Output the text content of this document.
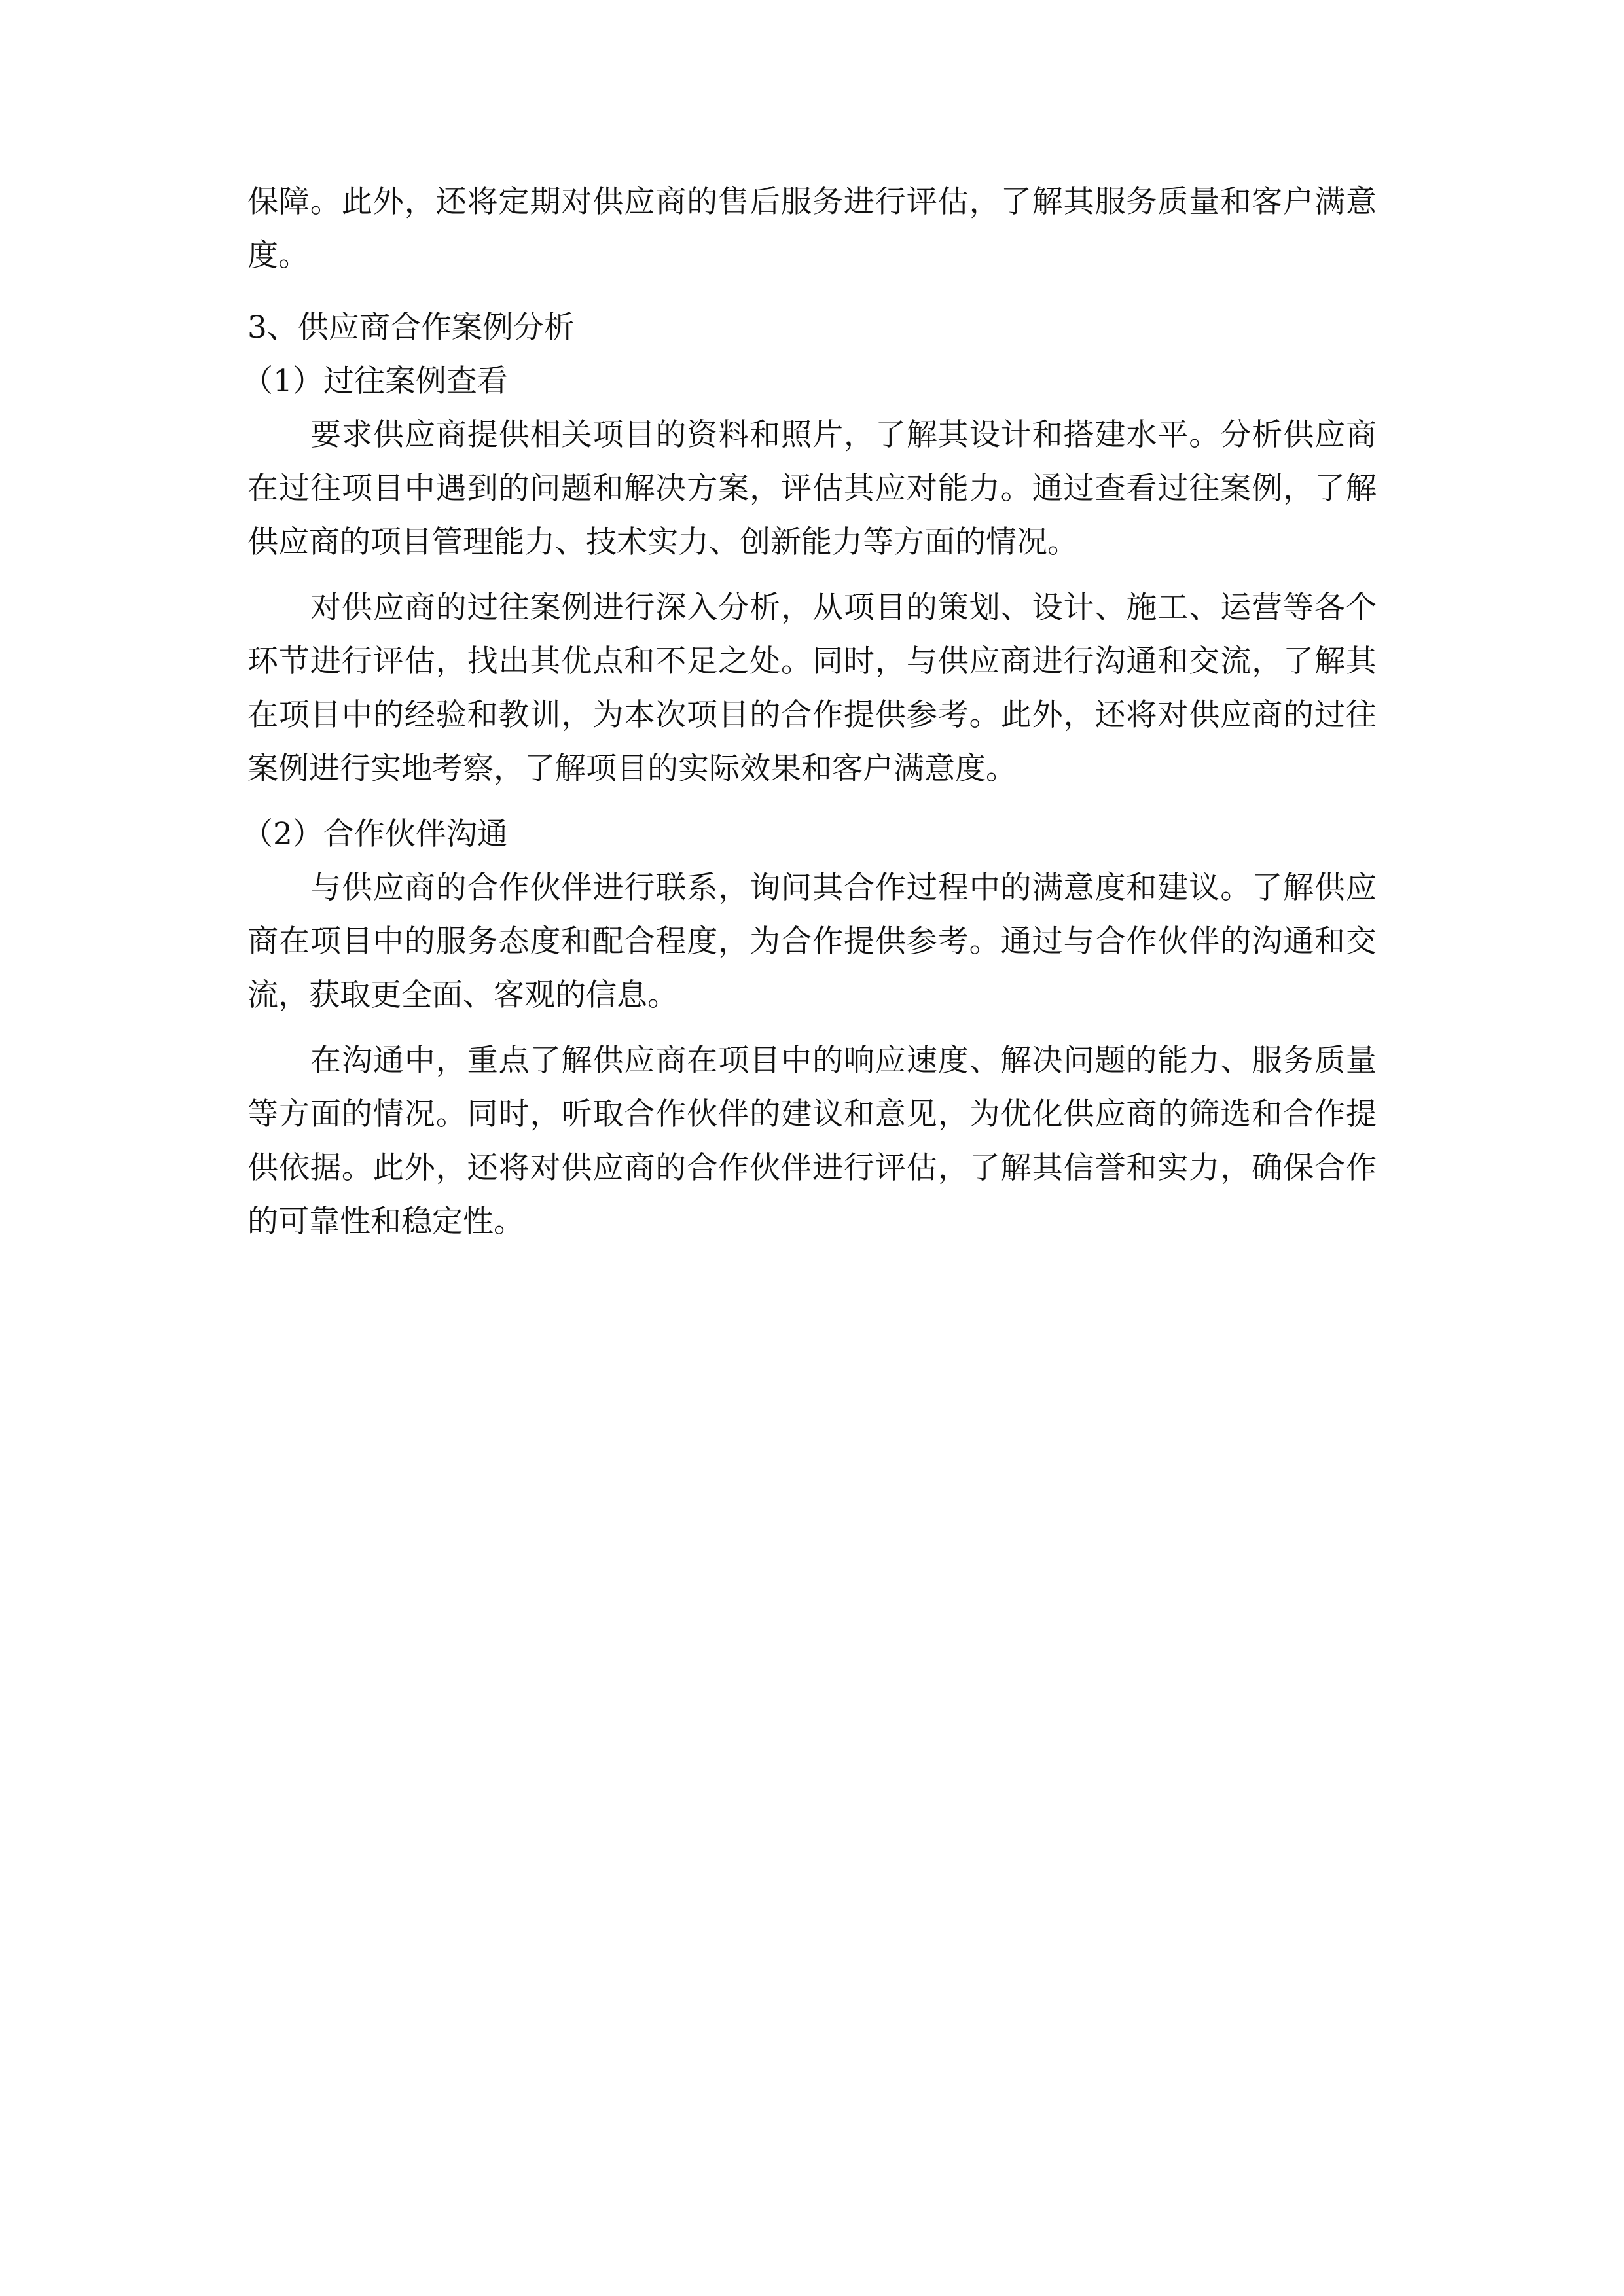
保障。此外，还将定期对供应商的售后服务进行评估，了解其服务质量和客户满意度。

3、供应商合作案例分析

（1）过往案例查看

要求供应商提供相关项目的资料和照片，了解其设计和搭建水平。分析供应商在过往项目中遇到的问题和解决方案，评估其应对能力。通过查看过往案例，了解供应商的项目管理能力、技术实力、创新能力等方面的情况。

对供应商的过往案例进行深入分析，从项目的策划、设计、施工、运营等各个环节进行评估，找出其优点和不足之处。同时，与供应商进行沟通和交流，了解其在项目中的经验和教训，为本次项目的合作提供参考。此外，还将对供应商的过往案例进行实地考察，了解项目的实际效果和客户满意度。

（2）合作伙伴沟通

与供应商的合作伙伴进行联系，询问其合作过程中的满意度和建议。了解供应商在项目中的服务态度和配合程度，为合作提供参考。通过与合作伙伴的沟通和交流，获取更全面、客观的信息。

在沟通中，重点了解供应商在项目中的响应速度、解决问题的能力、服务质量等方面的情况。同时，听取合作伙伴的建议和意见，为优化供应商的筛选和合作提供依据。此外，还将对供应商的合作伙伴进行评估，了解其信誉和实力，确保合作的可靠性和稳定性。
